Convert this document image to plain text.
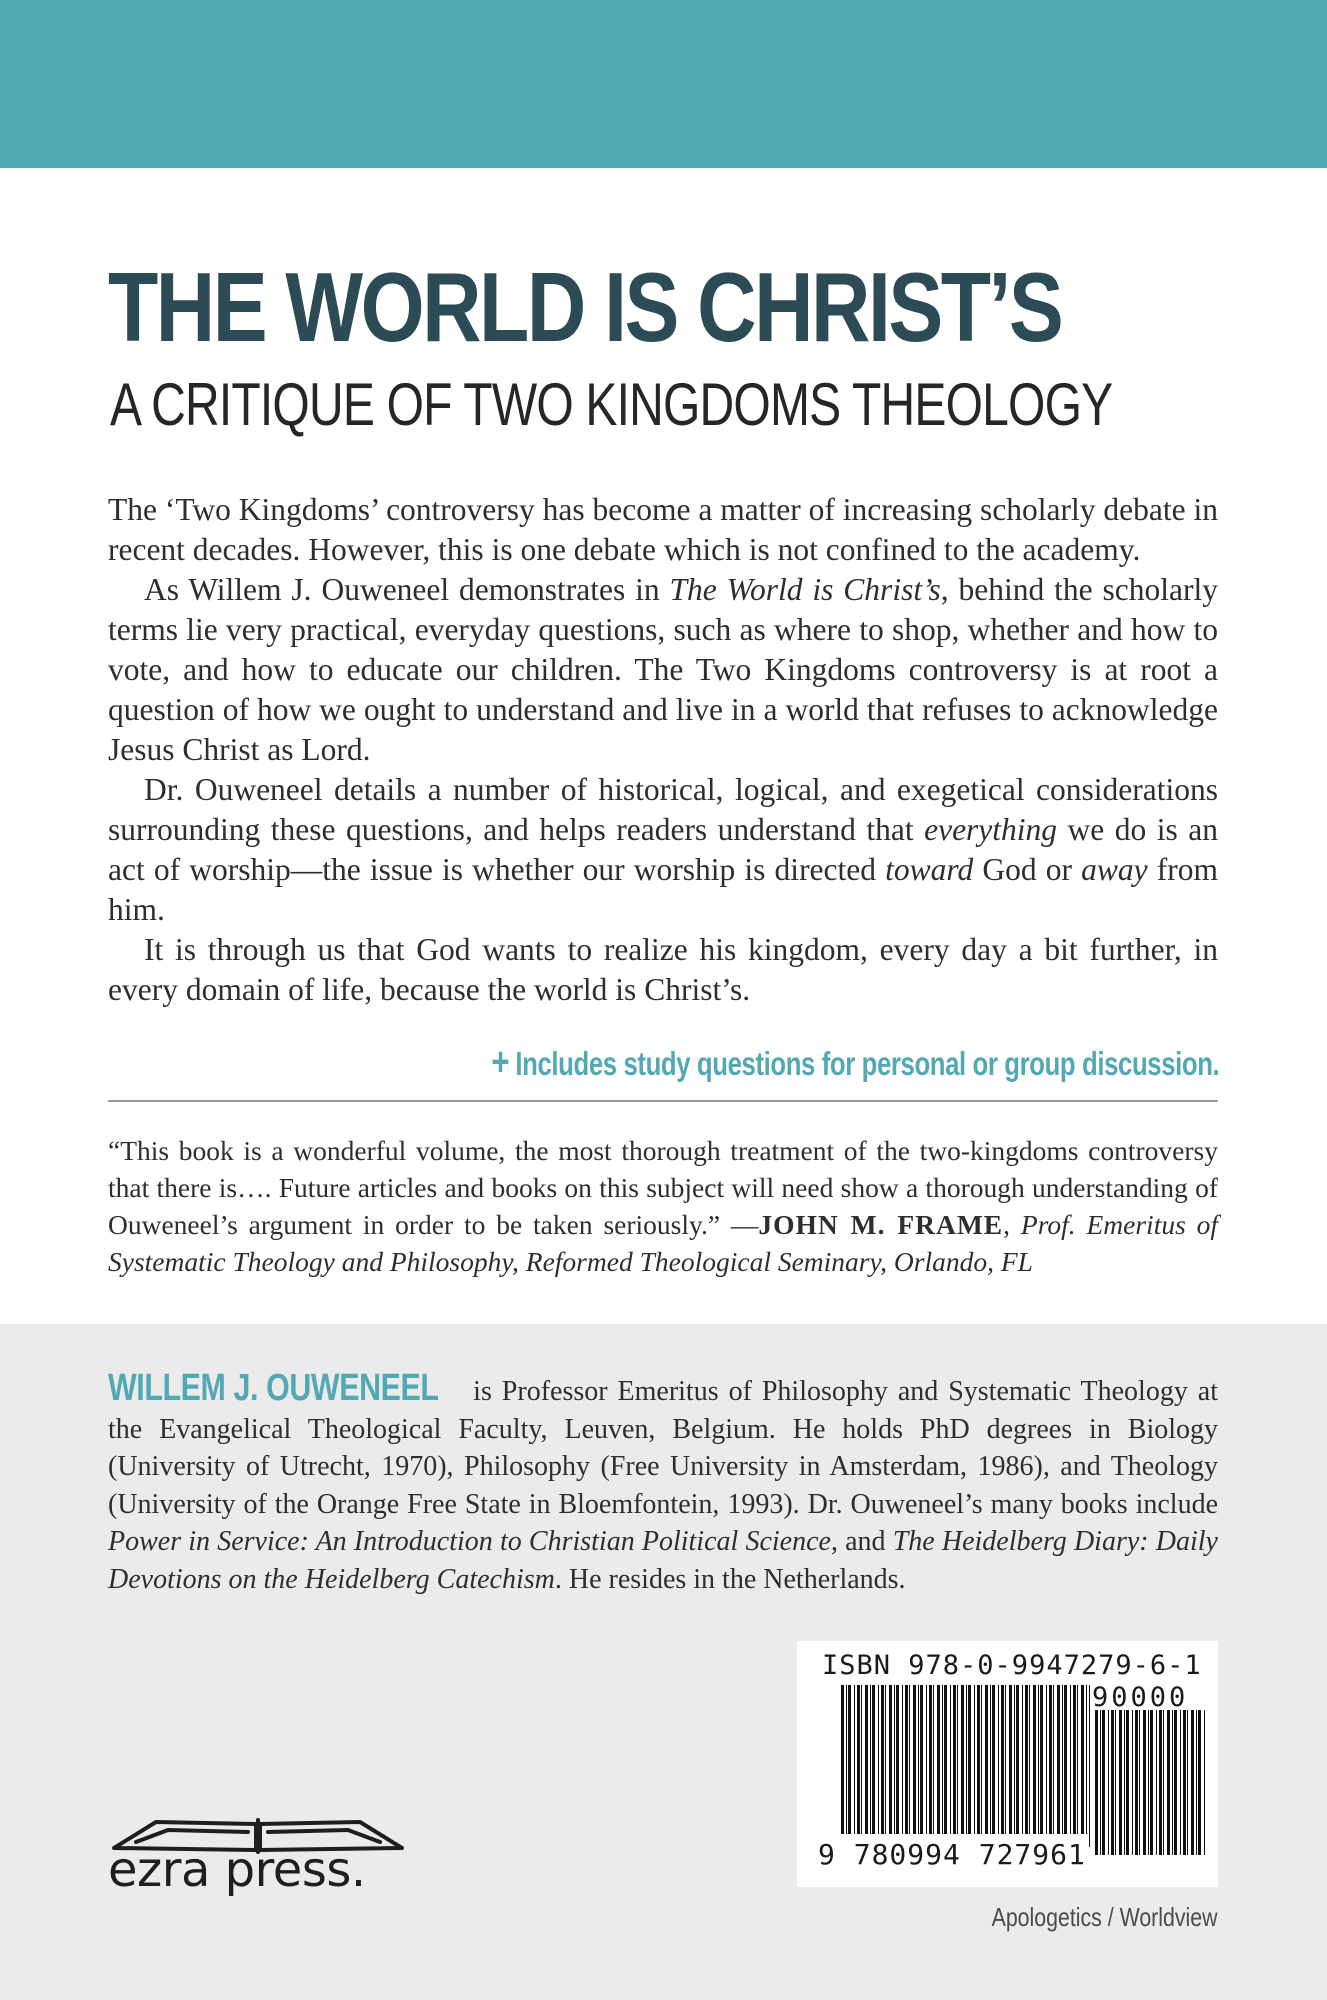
THE WORLD IS CHRIST’S
A CRITIQUE OF TWO KINGDOMS THEOLOGY

The ‘Two Kingdoms’ controversy has become a matter of increasing scholarly debate in recent decades. However, this is one debate which is not confined to the academy.

As Willem J. Ouweneel demonstrates in The World is Christ’s, behind the scholarly terms lie very practical, everyday questions, such as where to shop, whether and how to vote, and how to educate our children. The Two Kingdoms controversy is at root a question of how we ought to understand and live in a world that refuses to acknowledge Jesus Christ as Lord.

Dr. Ouweneel details a number of historical, logical, and exegetical considerations surrounding these questions, and helps readers understand that everything we do is an act of worship—the issue is whether our worship is directed toward God or away from him.

It is through us that God wants to realize his kingdom, every day a bit further, in every domain of life, because the world is Christ’s.

+ Includes study questions for personal or group discussion.
“This book is a wonderful volume, the most thorough treatment of the two-kingdoms controversy that there is…. Future articles and books on this subject will need show a thorough understanding of Ouweneel’s argument in order to be taken seriously.” —JOHN M. FRAME, Prof. Emeritus of Systematic Theology and Philosophy, Reformed Theological Seminary, Orlando, FL
WILLEM J. OUWENEEL is Professor Emeritus of Philosophy and Systematic Theology at the Evangelical Theological Faculty, Leuven, Belgium. He holds PhD degrees in Biology (University of Utrecht, 1970), Philosophy (Free University in Amsterdam, 1986), and Theology (University of the Orange Free State in Bloemfontein, 1993). Dr. Ouweneel’s many books include Power in Service: An Introduction to Christian Political Science, and The Heidelberg Diary: Daily Devotions on the Heidelberg Catechism. He resides in the Netherlands.
ezra press.
ISBN 978-0-9947279-6-1
90000
9 780994 727961
Apologetics / Worldview
